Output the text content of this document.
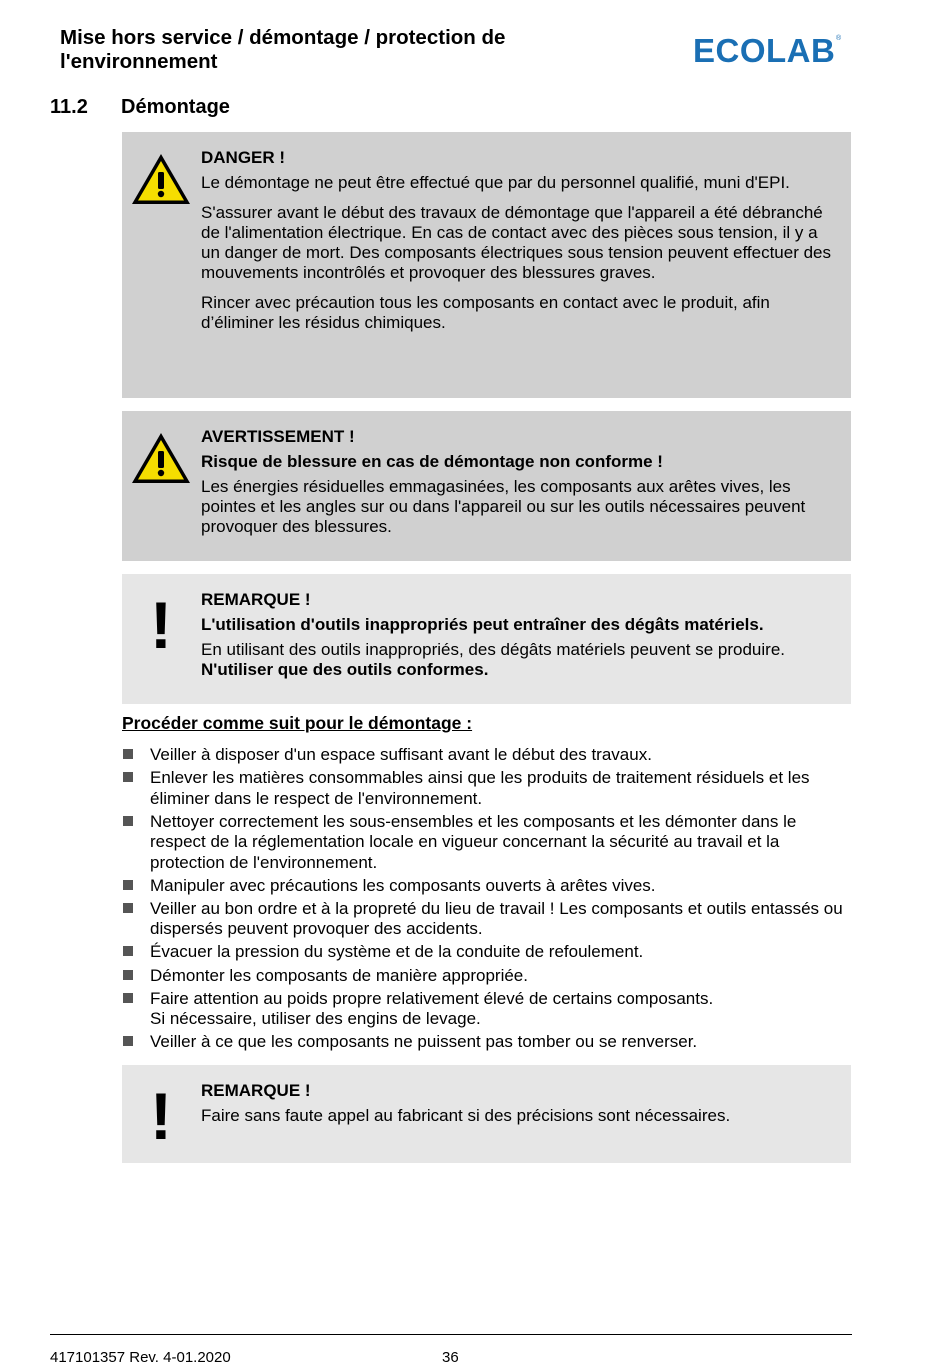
Mise hors service / démontage / protection de l'environnement	ECOLAB ®
11.2 Démontage
DANGER !

Le démontage ne peut être effectué que par du personnel qualifié, muni d'EPI.

S'assurer avant le début des travaux de démontage que l'appareil a été débranché de l'alimentation électrique. En cas de contact avec des pièces sous tension, il y a un danger de mort. Des composants électriques sous tension peuvent effectuer des mouvements incontrôlés et provoquer des blessures graves.

Rincer avec précaution tous les composants en contact avec le produit, afin d’éliminer les résidus chimiques.

AVERTISSEMENT !
Risque de blessure en cas de démontage non conforme !

Les énergies résiduelles emmagasinées, les composants aux arêtes vives, les pointes et les angles sur ou dans l'appareil ou sur les outils nécessaires peuvent provoquer des blessures.

! REMARQUE !
L'utilisation d'outils inappropriés peut entraîner des dégâts matériels.

En utilisant des outils inappropriés, des dégâts matériels peuvent se produire. N'utiliser que des outils conformes.

Procéder comme suit pour le démontage :
Veiller à disposer d'un espace suffisant avant le début des travaux.
Enlever les matières consommables ainsi que les produits de traitement résiduels et les éliminer dans le respect de l'environnement.
Nettoyer correctement les sous-ensembles et les composants et les démonter dans le respect de la réglementation locale en vigueur concernant la sécurité au travail et la protection de l'environnement.
Manipuler avec précautions les composants ouverts à arêtes vives.
Veiller au bon ordre et à la propreté du lieu de travail ! Les composants et outils entassés ou dispersés peuvent provoquer des accidents.
Évacuer la pression du système et de la conduite de refoulement.
Démonter les composants de manière appropriée.
Faire attention au poids propre relativement élevé de certains composants.
Si nécessaire, utiliser des engins de levage.
Veiller à ce que les composants ne puissent pas tomber ou se renverser.
! REMARQUE !

Faire sans faute appel au fabricant si des précisions sont nécessaires.

417101357 Rev. 4-01.2020	36
